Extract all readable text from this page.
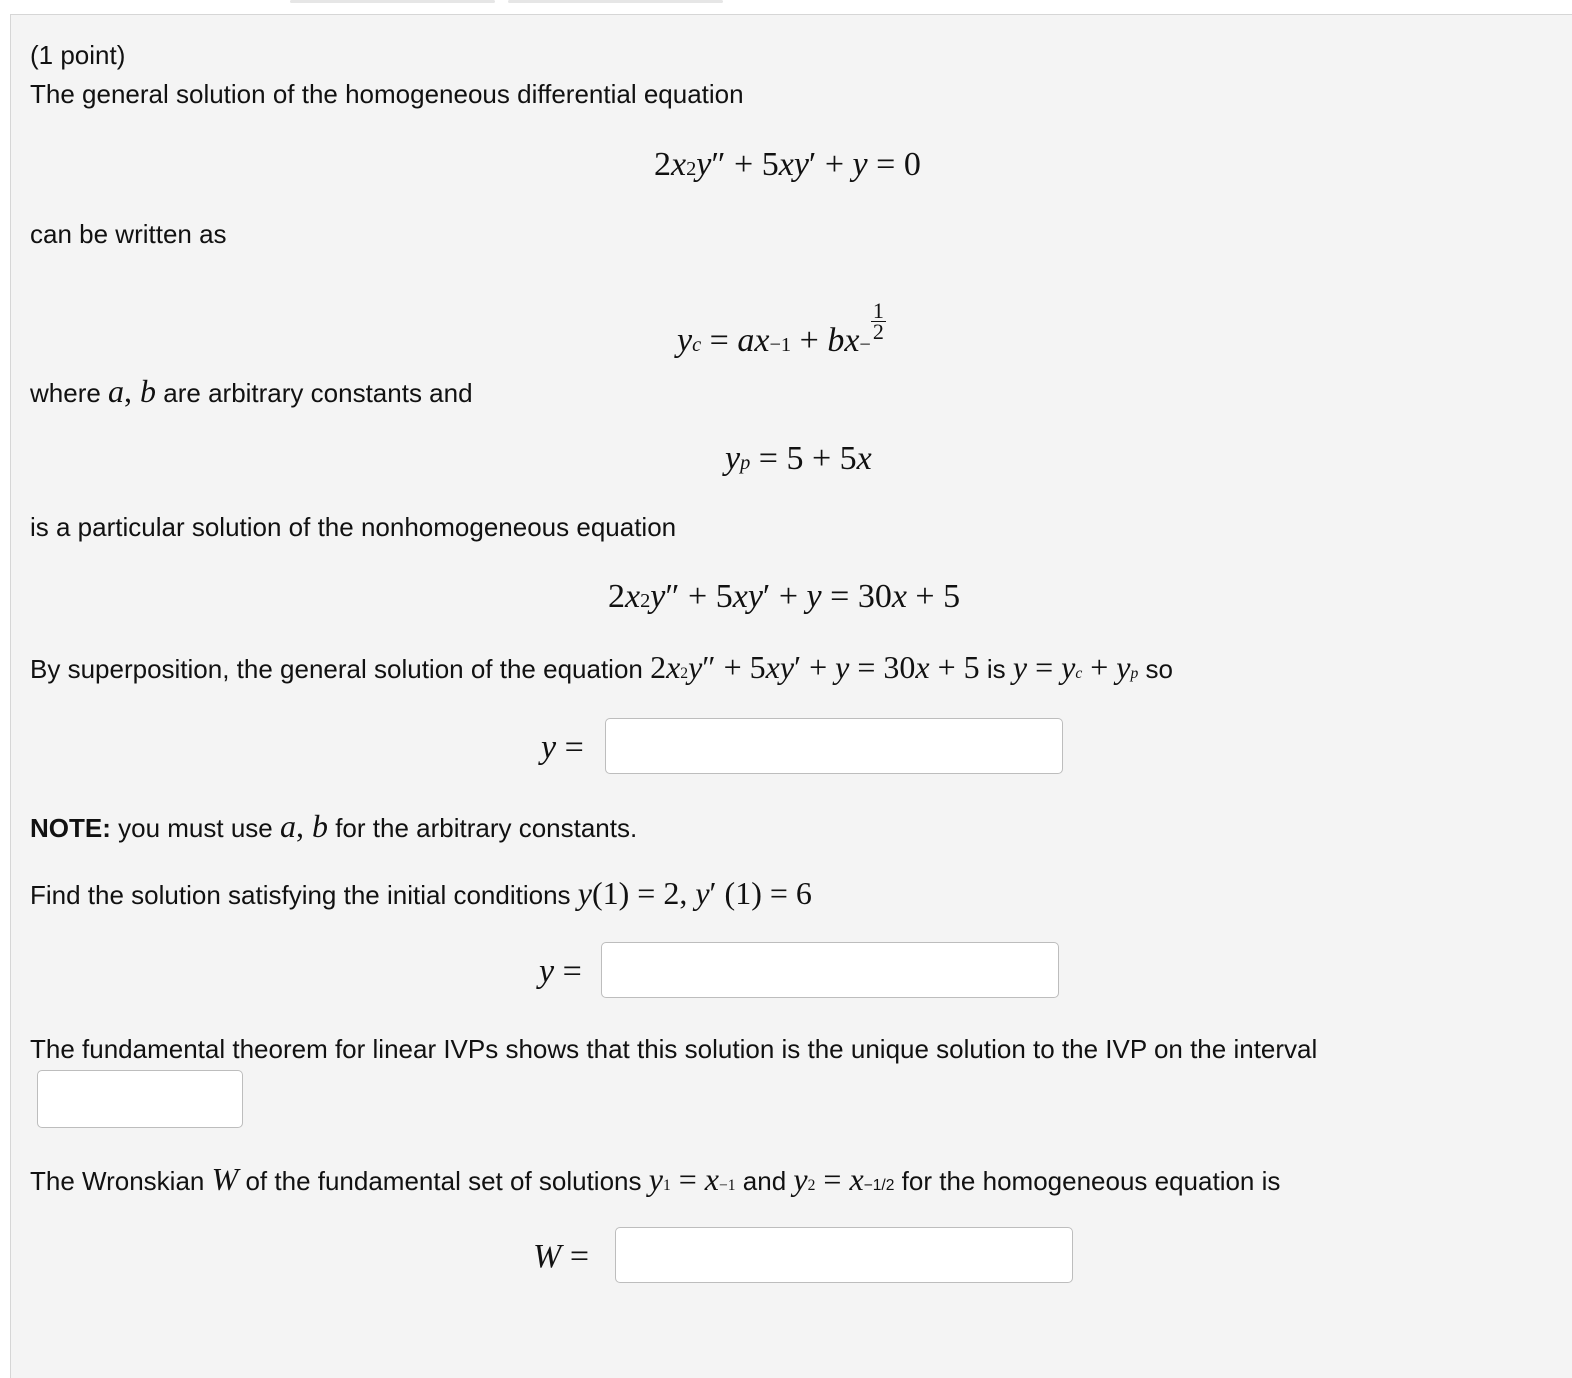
(1 point)
The general solution of the homogeneous differential equation
$2x^2y'' + 5xy' + y = 0$
can be written as
$y_c = ax^{-1} + bx^-$
$\frac{1}{2}$
where a, b are arbitrary constants and
$y_p = 5 + 5x$
is a particular solution of the nonhomogeneous equation
$2x^2y'' + 5xy' + y = 30x + 5$
By superposition, the general solution of the equation $2x^2y'' + 5xy' + y = 30x + 5$ is $y = y_c + y_p$ so
y =
NOTE: you must use a, b for the arbitrary constants.
Find the solution satisfying the initial conditions y(1) = 2, y′ (1) = 6
y =
The fundamental theorem for linear IVPs shows that this solution is the unique solution to the IVP on the interval
The Wronskian W of the fundamental set of solutions $y_1 = x^{-1}$ and $y_2 = x^{-1/2}$ for the homogeneous equation is
W =
